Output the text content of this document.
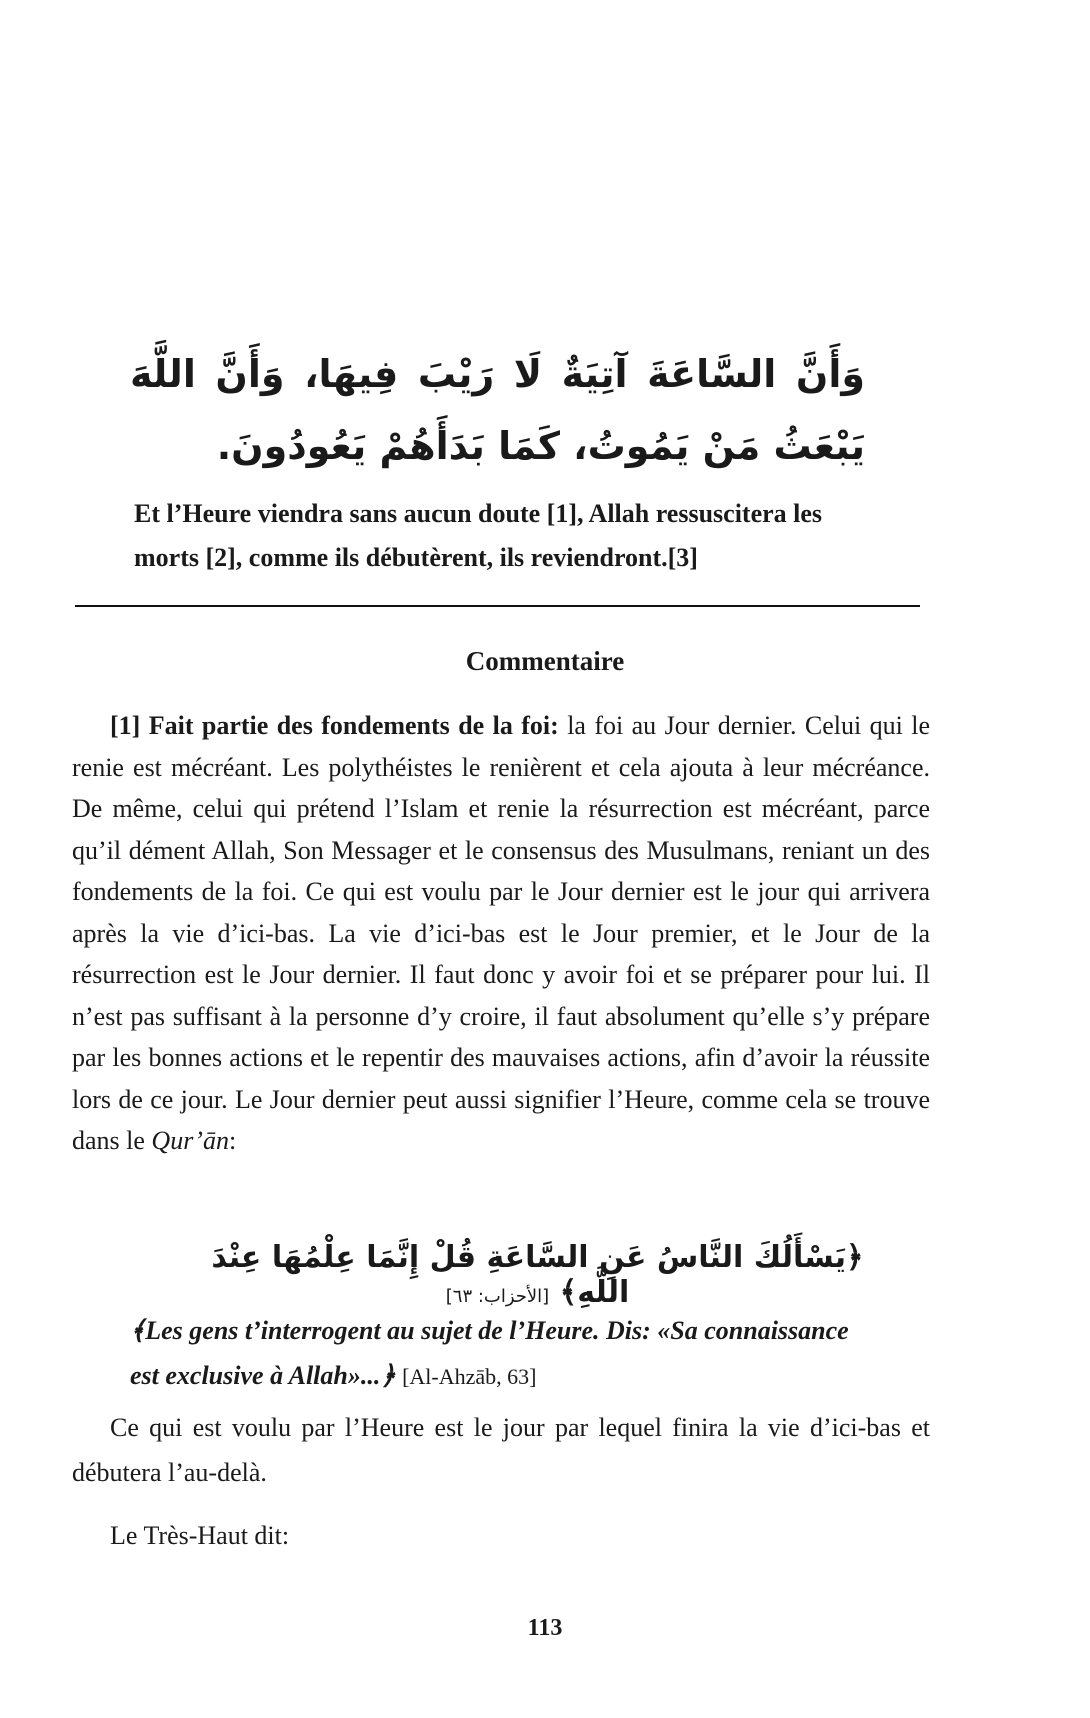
وَأَنَّ السَّاعَةَ آتِيَةٌ لَا رَيْبَ فِيهَا، وَأَنَّ اللَّهَ يَبْعَثُ مَنْ يَمُوتُ، كَمَا بَدَأَهُمْ يَعُودُونَ.
Et l’Heure viendra sans aucun doute [1], Allah ressuscitera les morts [2], comme ils débutèrent, ils reviendront.[3]
Commentaire
[1] Fait partie des fondements de la foi: la foi au Jour dernier. Celui qui le renie est mécréant. Les polythéistes le renièrent et cela ajouta à leur mécréance. De même, celui qui prétend l’Islam et renie la résurrection est mécréant, parce qu’il dément Allah, Son Messager et le consensus des Musulmans, reniant un des fondements de la foi. Ce qui est voulu par le Jour dernier est le jour qui arrivera après la vie d’ici-bas. La vie d’ici-bas est le Jour premier, et le Jour de la résurrection est le Jour dernier. Il faut donc y avoir foi et se préparer pour lui. Il n’est pas suffisant à la personne d’y croire, il faut absolument qu’elle s’y prépare par les bonnes actions et le repentir des mauvaises actions, afin d’avoir la réussite lors de ce jour. Le Jour dernier peut aussi signifier l’Heure, comme cela se trouve dans le Qur’ān:
﴿يَسْأَلُكَ النَّاسُ عَنِ السَّاعَةِ قُلْ إِنَّمَا عِلْمُهَا عِنْدَ اللَّهِ﴾ [الأحزاب: ٦٣]
﴾Les gens t’interrogent au sujet de l’Heure. Dis: «Sa connaissance est exclusive à Allah»...﴿ [Al-Ahzāb, 63]
Ce qui est voulu par l’Heure est le jour par lequel finira la vie d’ici-bas et débutera l’au-delà.
Le Très-Haut dit:
113
